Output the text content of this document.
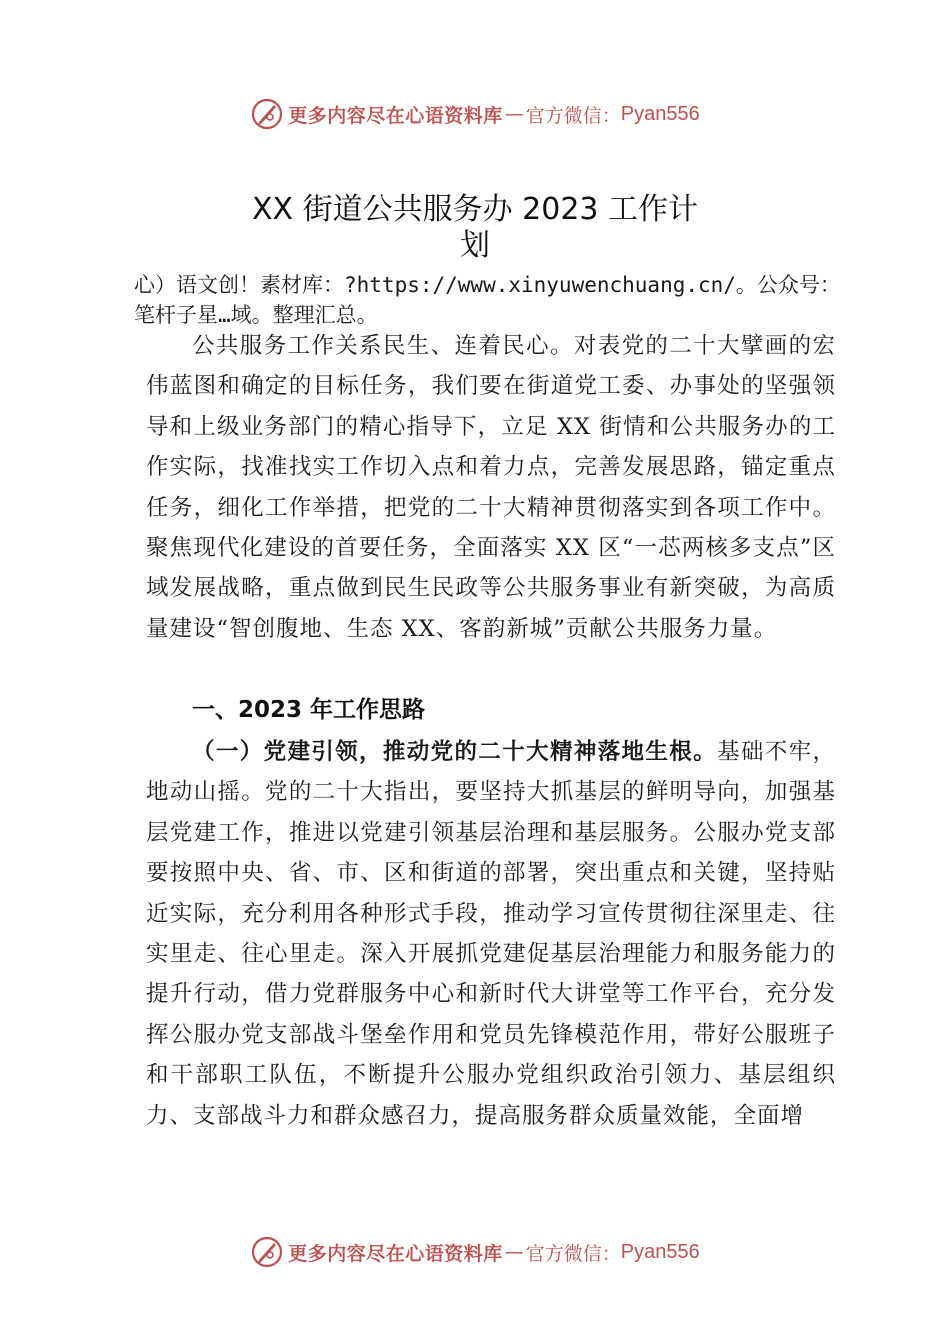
更多内容尽在心语资料库 — 官方微信： Pyan556
XX 街道公共服务办 2023 工作计
划
心）语文创！素材库：?https://www.xinyuwenchuang.cn/。公众号：笔杆子星…域。整理汇总。
公共服务工作关系民生、连着民心。对表党的二十大擘画的宏伟蓝图和确定的目标任务，我们要在街道党工委、办事处的坚强领导和上级业务部门的精心指导下，立足 XX 街情和公共服务办的工作实际，找准找实工作切入点和着力点，完善发展思路，锚定重点任务，细化工作举措，把党的二十大精神贯彻落实到各项工作中。聚焦现代化建设的首要任务，全面落实 XX 区“一芯两核多支点”区域发展战略，重点做到民生民政等公共服务事业有新突破，为高质量建设“智创腹地、生态 XX、客韵新城”贡献公共服务力量。
一、2023 年工作思路
（一）党建引领，推动党的二十大精神落地生根。基础不牢，地动山摇。党的二十大指出，要坚持大抓基层的鲜明导向，加强基层党建工作，推进以党建引领基层治理和基层服务。公服办党支部要按照中央、省、市、区和街道的部署，突出重点和关键，坚持贴近实际，充分利用各种形式手段，推动学习宣传贯彻往深里走、往实里走、往心里走。深入开展抓党建促基层治理能力和服务能力的提升行动，借力党群服务中心和新时代大讲堂等工作平台，充分发挥公服办党支部战斗堡垒作用和党员先锋模范作用，带好公服班子和干部职工队伍，不断提升公服办党组织政治引领力、基层组织力、支部战斗力和群众感召力，提高服务群众质量效能，全面增
更多内容尽在心语资料库 — 官方微信： Pyan556
